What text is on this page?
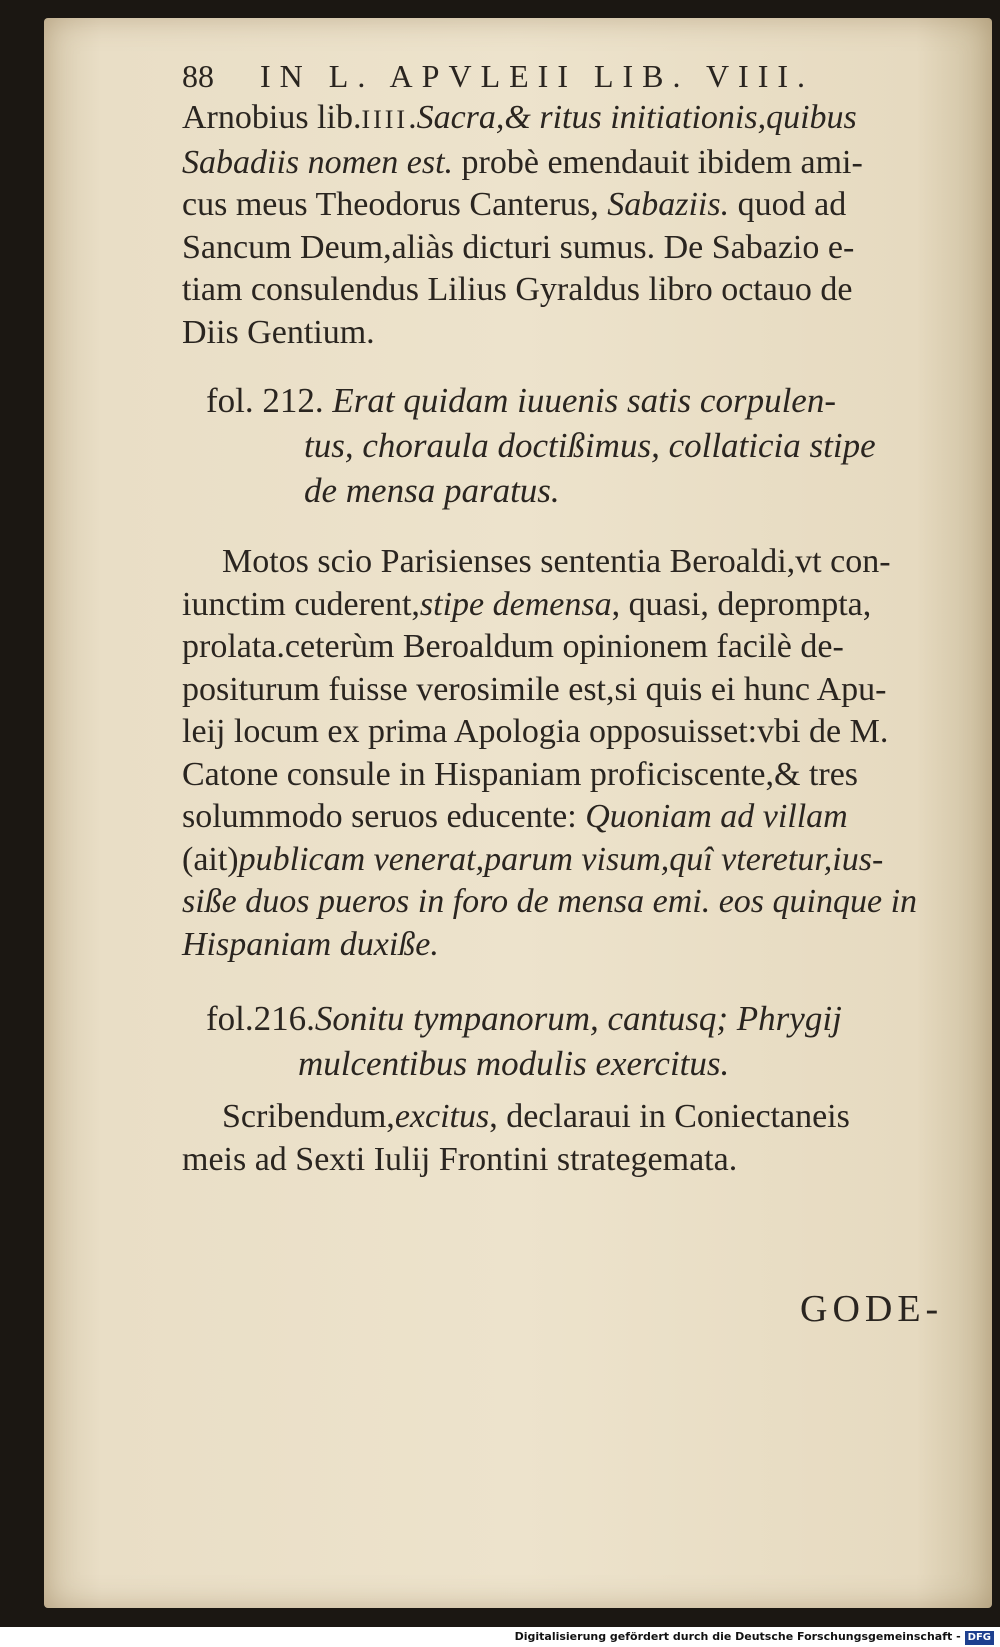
88 IN L. APVLEII LIB. VIII.
Arnobius lib.IIII.Sacra,& ritus initiationis,quibus
Sabadiis nomen est. probè emendauit ibidem ami-
cus meus Theodorus Canterus, Sabaziis. quod ad
Sancum Deum,aliàs dicturi sumus. De Sabazio e-
tiam consulendus Lilius Gyraldus libro octauo de
Diis Gentium.
fol. 212. Erat quidam iuuenis satis corpulen-
tus, choraula doctißimus, collaticia stipe
de mensa paratus.
Motos scio Parisienses sententia Beroaldi,vt con-
iunctim cuderent,stipe demensa, quasi, deprompta,
prolata.ceterùm Beroaldum opinionem facilè de-
positurum fuisse verosimile est,si quis ei hunc Apu-
leij locum ex prima Apologia opposuisset:vbi de M.
Catone consule in Hispaniam proficiscente,& tres
solummodo seruos educente: Quoniam ad villam
(ait)publicam venerat,parum visum,quî vteretur,ius-
siße duos pueros in foro de mensa emi. eos quinque in
Hispaniam duxiße.
fol.216.Sonitu tympanorum, cantusq; Phrygij
mulcentibus modulis exercitus.
Scribendum,excitus, declaraui in Coniectaneis
meis ad Sexti Iulij Frontini strategemata.
GODE-
Digitalisierung gefördert durch die Deutsche Forschungsgemeinschaft - DFG
